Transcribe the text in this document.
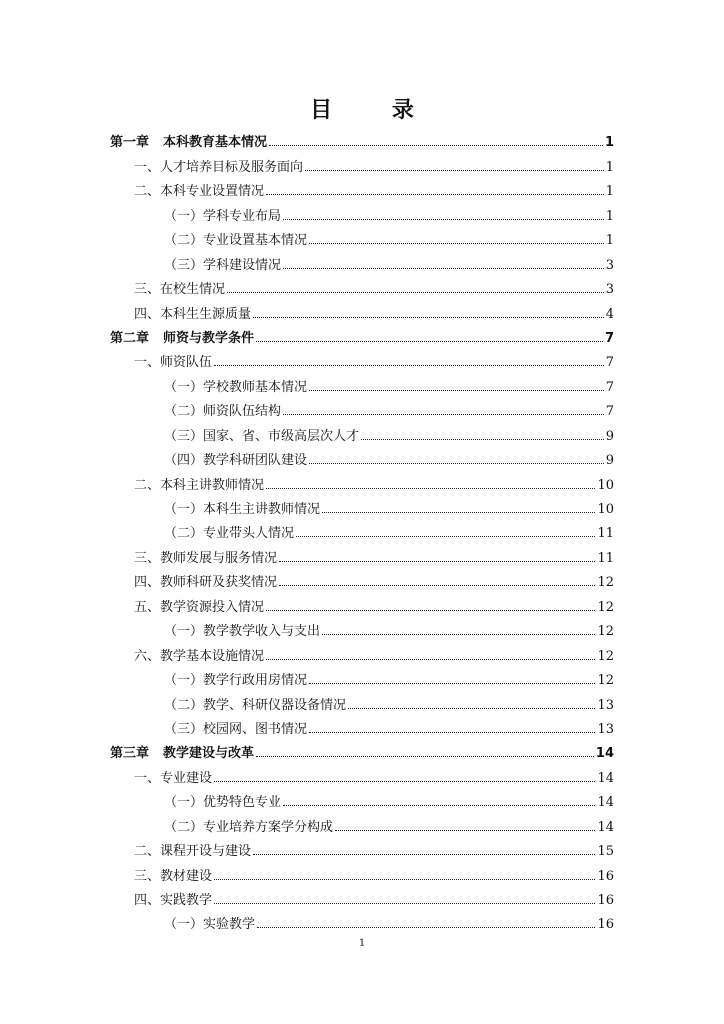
目 录
第一章 本科教育基本情况	1
一、人才培养目标及服务面向	1
二、本科专业设置情况	1
（一）学科专业布局	1
（二）专业设置基本情况	1
（三）学科建设情况	3
三、在校生情况	3
四、本科生生源质量	4
第二章 师资与教学条件	7
一、师资队伍	7
（一）学校教师基本情况	7
（二）师资队伍结构	7
（三）国家、省、市级高层次人才	9
（四）教学科研团队建设	9
二、本科主讲教师情况	10
（一）本科生主讲教师情况	10
（二）专业带头人情况	11
三、教师发展与服务情况	11
四、教师科研及获奖情况	12
五、教学资源投入情况	12
（一）教学教学收入与支出	12
六、教学基本设施情况	12
（一）教学行政用房情况	12
（二）教学、科研仪器设备情况	13
（三）校园网、图书情况	13
第三章 教学建设与改革	14
一、专业建设	14
（一）优势特色专业	14
（二）专业培养方案学分构成	14
二、课程开设与建设	15
三、教材建设	16
四、实践教学	16
（一）实验教学	16
1
